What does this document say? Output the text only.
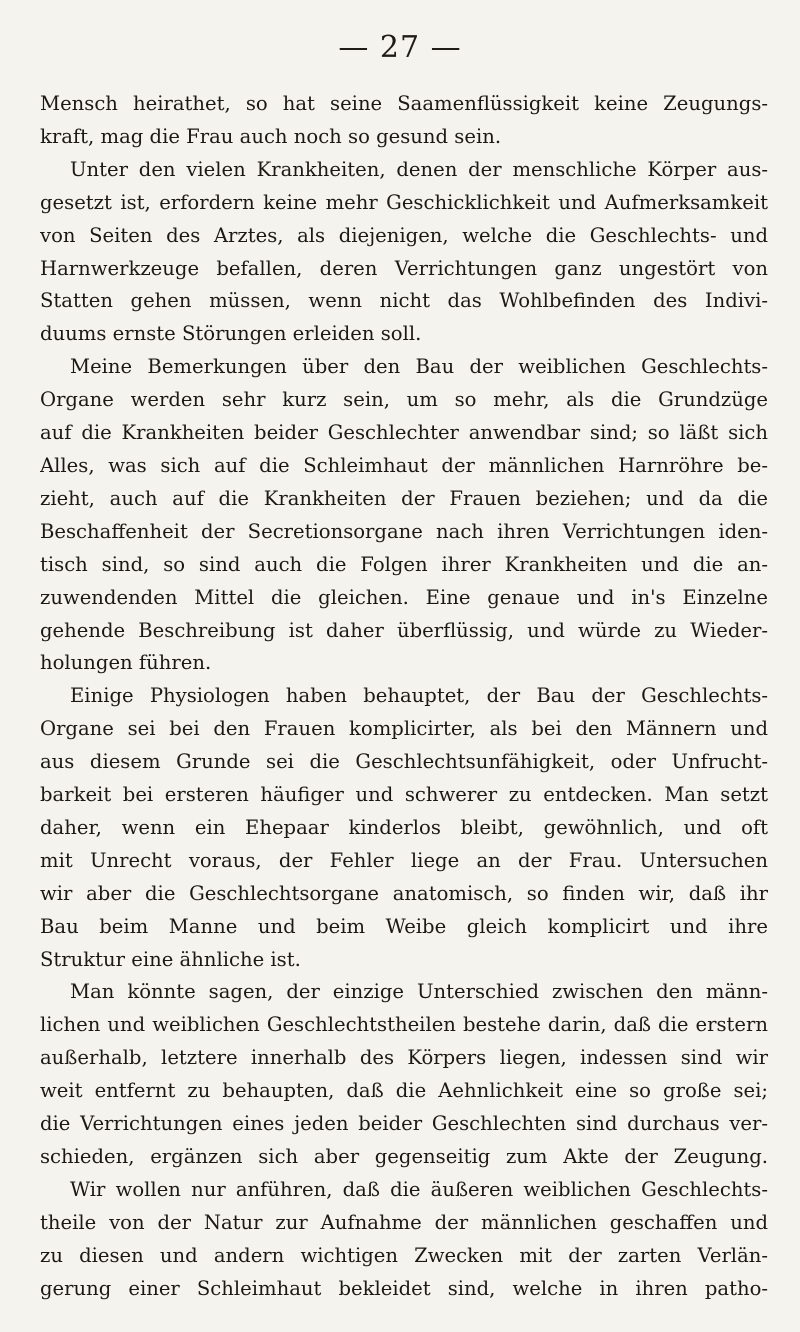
— 27 —
Mensch heirathet, so hat seine Saamenflüssigkeit keine Zeugungs-
kraft, mag die Frau auch noch so gesund sein.
Unter den vielen Krankheiten, denen der menschliche Körper aus-
gesetzt ist, erfordern keine mehr Geschicklichkeit und Aufmerksamkeit
von Seiten des Arztes, als diejenigen, welche die Geschlechts- und
Harnwerkzeuge befallen, deren Verrichtungen ganz ungestört von
Statten gehen müssen, wenn nicht das Wohlbefinden des Indivi-
duums ernste Störungen erleiden soll.
Meine Bemerkungen über den Bau der weiblichen Geschlechts-
Organe werden sehr kurz sein, um so mehr, als die Grundzüge
auf die Krankheiten beider Geschlechter anwendbar sind; so läßt sich
Alles, was sich auf die Schleimhaut der männlichen Harnröhre be-
zieht, auch auf die Krankheiten der Frauen beziehen; und da die
Beschaffenheit der Secretionsorgane nach ihren Verrichtungen iden-
tisch sind, so sind auch die Folgen ihrer Krankheiten und die an-
zuwendenden Mittel die gleichen. Eine genaue und in's Einzelne
gehende Beschreibung ist daher überflüssig, und würde zu Wieder-
holungen führen.
Einige Physiologen haben behauptet, der Bau der Geschlechts-
Organe sei bei den Frauen komplicirter, als bei den Männern und
aus diesem Grunde sei die Geschlechtsunfähigkeit, oder Unfrucht-
barkeit bei ersteren häufiger und schwerer zu entdecken. Man setzt
daher, wenn ein Ehepaar kinderlos bleibt, gewöhnlich, und oft
mit Unrecht voraus, der Fehler liege an der Frau. Untersuchen
wir aber die Geschlechtsorgane anatomisch, so finden wir, daß ihr
Bau beim Manne und beim Weibe gleich komplicirt und ihre
Struktur eine ähnliche ist.
Man könnte sagen, der einzige Unterschied zwischen den männ-
lichen und weiblichen Geschlechtstheilen bestehe darin, daß die erstern
außerhalb, letztere innerhalb des Körpers liegen, indessen sind wir
weit entfernt zu behaupten, daß die Aehnlichkeit eine so große sei;
die Verrichtungen eines jeden beider Geschlechten sind durchaus ver-
schieden, ergänzen sich aber gegenseitig zum Akte der Zeugung.
Wir wollen nur anführen, daß die äußeren weiblichen Geschlechts-
theile von der Natur zur Aufnahme der männlichen geschaffen und
zu diesen und andern wichtigen Zwecken mit der zarten Verlän-
gerung einer Schleimhaut bekleidet sind, welche in ihren patho-
